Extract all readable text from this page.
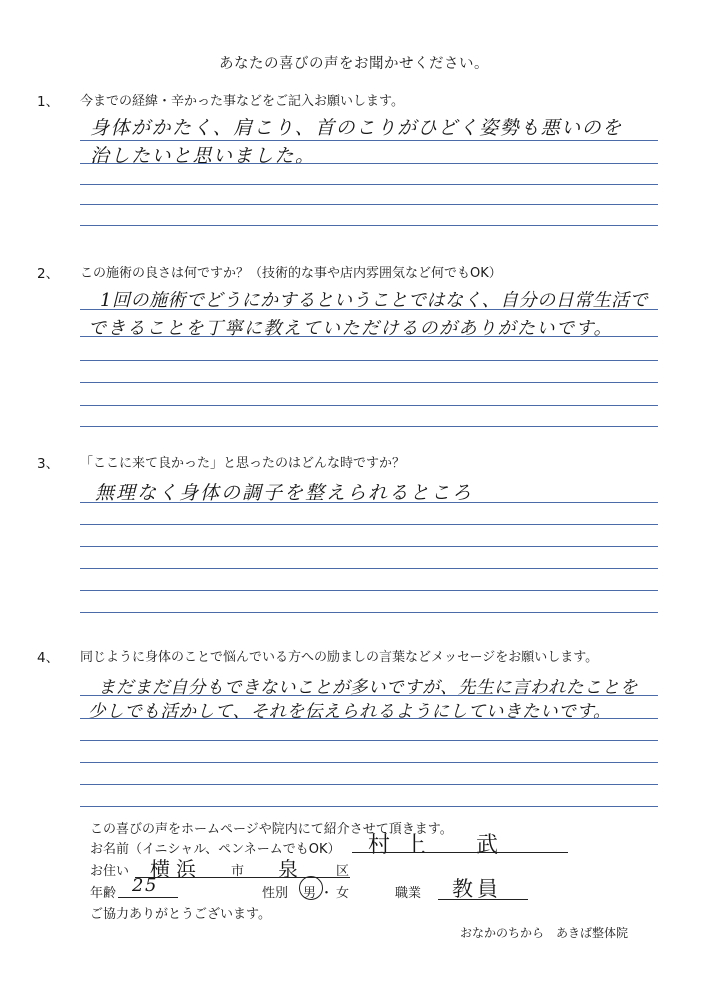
あなたの喜びの声をお聞かせください。
1、 今までの経緯・辛かった事などをご記入お願いします。
身体がかたく、肩こり、首のこりがひどく姿勢も悪いのを
治したいと思いました。
2、 この施術の良さは何ですか？（技術的な事や店内雰囲気など何でもOK）
1回の施術でどうにかするということではなく、自分の日常生活で
できることを丁寧に教えていただけるのがありがたいです。
3、 「ここに来て良かった」と思ったのはどんな時ですか？
無理なく身体の調子を整えられるところ
4、 同じように身体のことで悩んでいる方への励ましの言葉などメッセージをお願いします。
まだまだ自分もできないことが多いですが、先生に言われたことを
少しでも活かして、それを伝えられるようにしていきたいです。
この喜びの声をホームページや院内にて紹介させて頂きます。
お名前（イニシャル、ペンネームでもOK） 村上　武
お住い 横浜 市 泉	区
年齢 25	性別 男 ・ 女	職業 教員
ご協力ありがとうございます。
おなかのちから　あきば整体院
